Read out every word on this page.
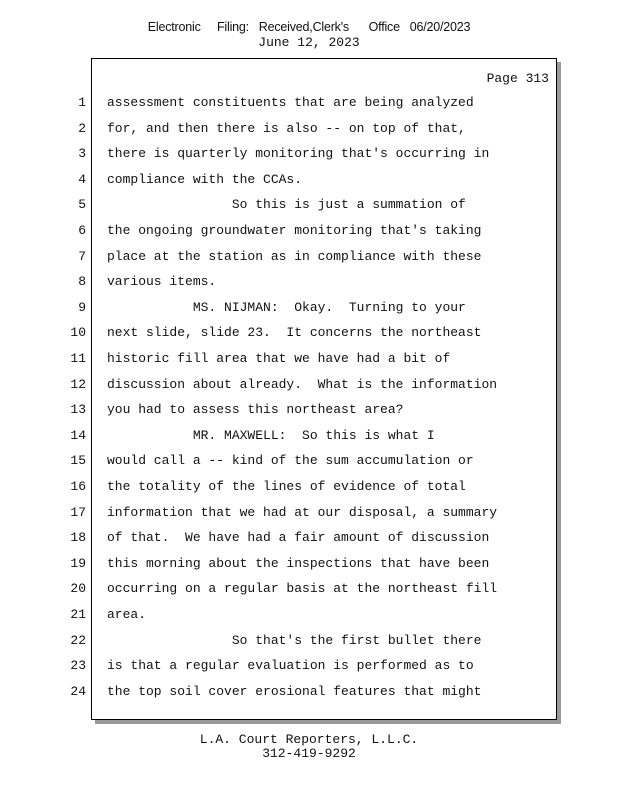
Electronic Filing: Received,Clerk's Office 06/20/2023
June 12, 2023
Page 313
1 assessment constituents that are being analyzed
2 for, and then there is also -- on top of that,
3 there is quarterly monitoring that's occurring in
4 compliance with the CCAs.
5 So this is just a summation of
6 the ongoing groundwater monitoring that's taking
7 place at the station as in compliance with these
8 various items.
9 MS. NIJMAN:  Okay.  Turning to your
10 next slide, slide 23.  It concerns the northeast
11 historic fill area that we have had a bit of
12 discussion about already.  What is the information
13 you had to assess this northeast area?
14 MR. MAXWELL:  So this is what I
15 would call a -- kind of the sum accumulation or
16 the totality of the lines of evidence of total
17 information that we had at our disposal, a summary
18 of that.  We have had a fair amount of discussion
19 this morning about the inspections that have been
20 occurring on a regular basis at the northeast fill
21 area.
22 So that's the first bullet there
23 is that a regular evaluation is performed as to
24 the top soil cover erosional features that might
L.A. Court Reporters, L.L.C.
312-419-9292
